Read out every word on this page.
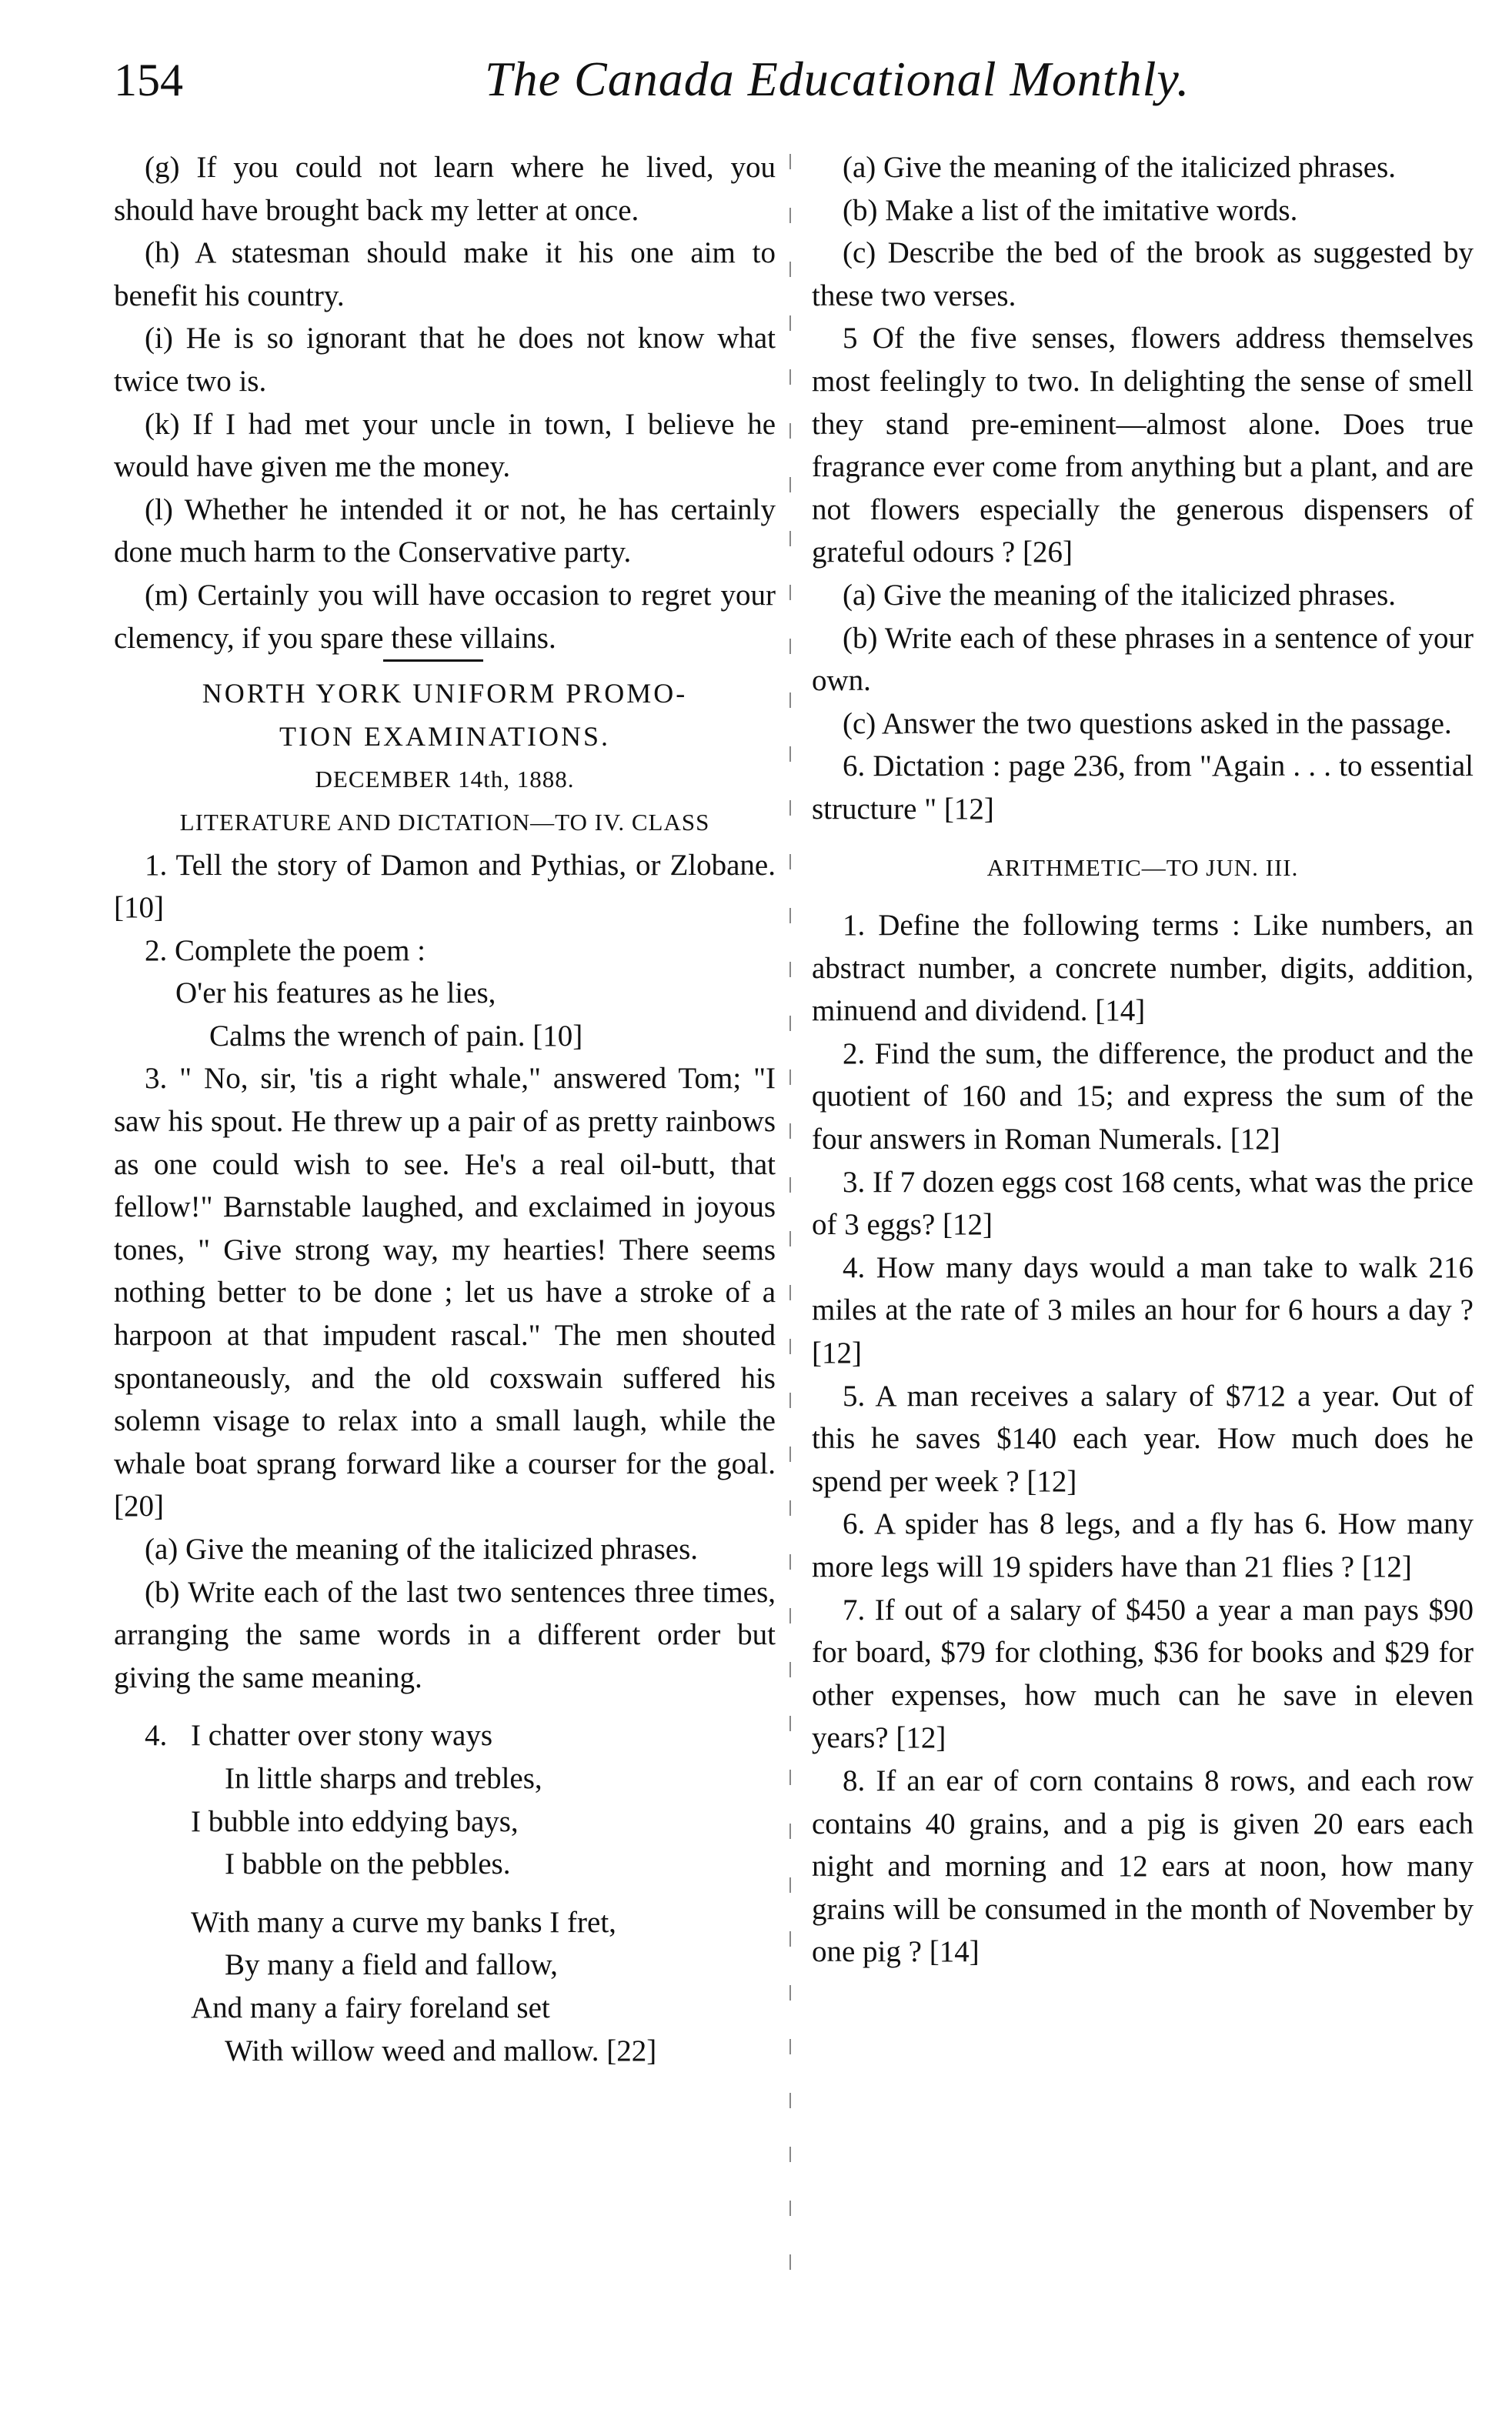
154	The Canada Educational Monthly.

(g) If you could not learn where he lived, you should have brought back my letter at once.

(h) A statesman should make it his one aim to benefit his country.

(i) He is so ignorant that he does not know what twice two is.

(k) If I had met your uncle in town, I believe he would have given me the money.

(l) Whether he intended it or not, he has certainly done much harm to the Conservative party.

(m) Certainly you will have occasion to regret your clemency, if you spare these villains.

NORTH YORK UNIFORM PROMO-

TION EXAMINATIONS.

DECEMBER 14th, 1888.

LITERATURE AND DICTATION—TO IV. CLASS

1. Tell the story of Damon and Pythias, or Zlobane. [10]

2. Complete the poem :

O'er his features as he lies,

Calms the wrench of pain. [10]

3. " No, sir, 'tis a right whale," answered Tom; "I saw his spout. He threw up a pair of as pretty rainbows as one could wish to see. He's a real oil-butt, that fellow!" Barnstable laughed, and exclaimed in joyous tones, " Give strong way, my hearties! There seems nothing better to be done ; let us have a stroke of a harpoon at that impudent rascal." The men shouted spontaneously, and the old coxswain suffered his solemn visage to relax into a small laugh, while the whale boat sprang forward like a courser for the goal. [20]

(a) Give the meaning of the italicized phrases.

(b) Write each of the last two sentences three times, arranging the same words in a different order but giving the same meaning.

4. I chatter over stony ways

In little sharps and trebles,

I bubble into eddying bays,

I babble on the pebbles.

With many a curve my banks I fret,

By many a field and fallow,

And many a fairy foreland set

With willow weed and mallow. [22]

(a) Give the meaning of the italicized phrases.

(b) Make a list of the imitative words.

(c) Describe the bed of the brook as suggested by these two verses.

5 Of the five senses, flowers address themselves most feelingly to two. In delighting the sense of smell they stand pre-eminent—almost alone. Does true fragrance ever come from anything but a plant, and are not flowers especially the generous dispensers of grateful odours ? [26]

(a) Give the meaning of the italicized phrases.

(b) Write each of these phrases in a sentence of your own.

(c) Answer the two questions asked in the passage.

6. Dictation : page 236, from "Again . . . to essential structure " [12]

ARITHMETIC—TO JUN. III.

1. Define the following terms : Like numbers, an abstract number, a concrete number, digits, addition, minuend and dividend. [14]

2. Find the sum, the difference, the product and the quotient of 160 and 15; and express the sum of the four answers in Roman Numerals. [12]

3. If 7 dozen eggs cost 168 cents, what was the price of 3 eggs? [12]

4. How many days would a man take to walk 216 miles at the rate of 3 miles an hour for 6 hours a day ? [12]

5. A man receives a salary of $712 a year. Out of this he saves $140 each year. How much does he spend per week ? [12]

6. A spider has 8 legs, and a fly has 6. How many more legs will 19 spiders have than 21 flies ? [12]

7. If out of a salary of $450 a year a man pays $90 for board, $79 for clothing, $36 for books and $29 for other expenses, how much can he save in eleven years? [12]

8. If an ear of corn contains 8 rows, and each row contains 40 grains, and a pig is given 20 ears each night and morning and 12 ears at noon, how many grains will be consumed in the month of November by one pig ? [14]
